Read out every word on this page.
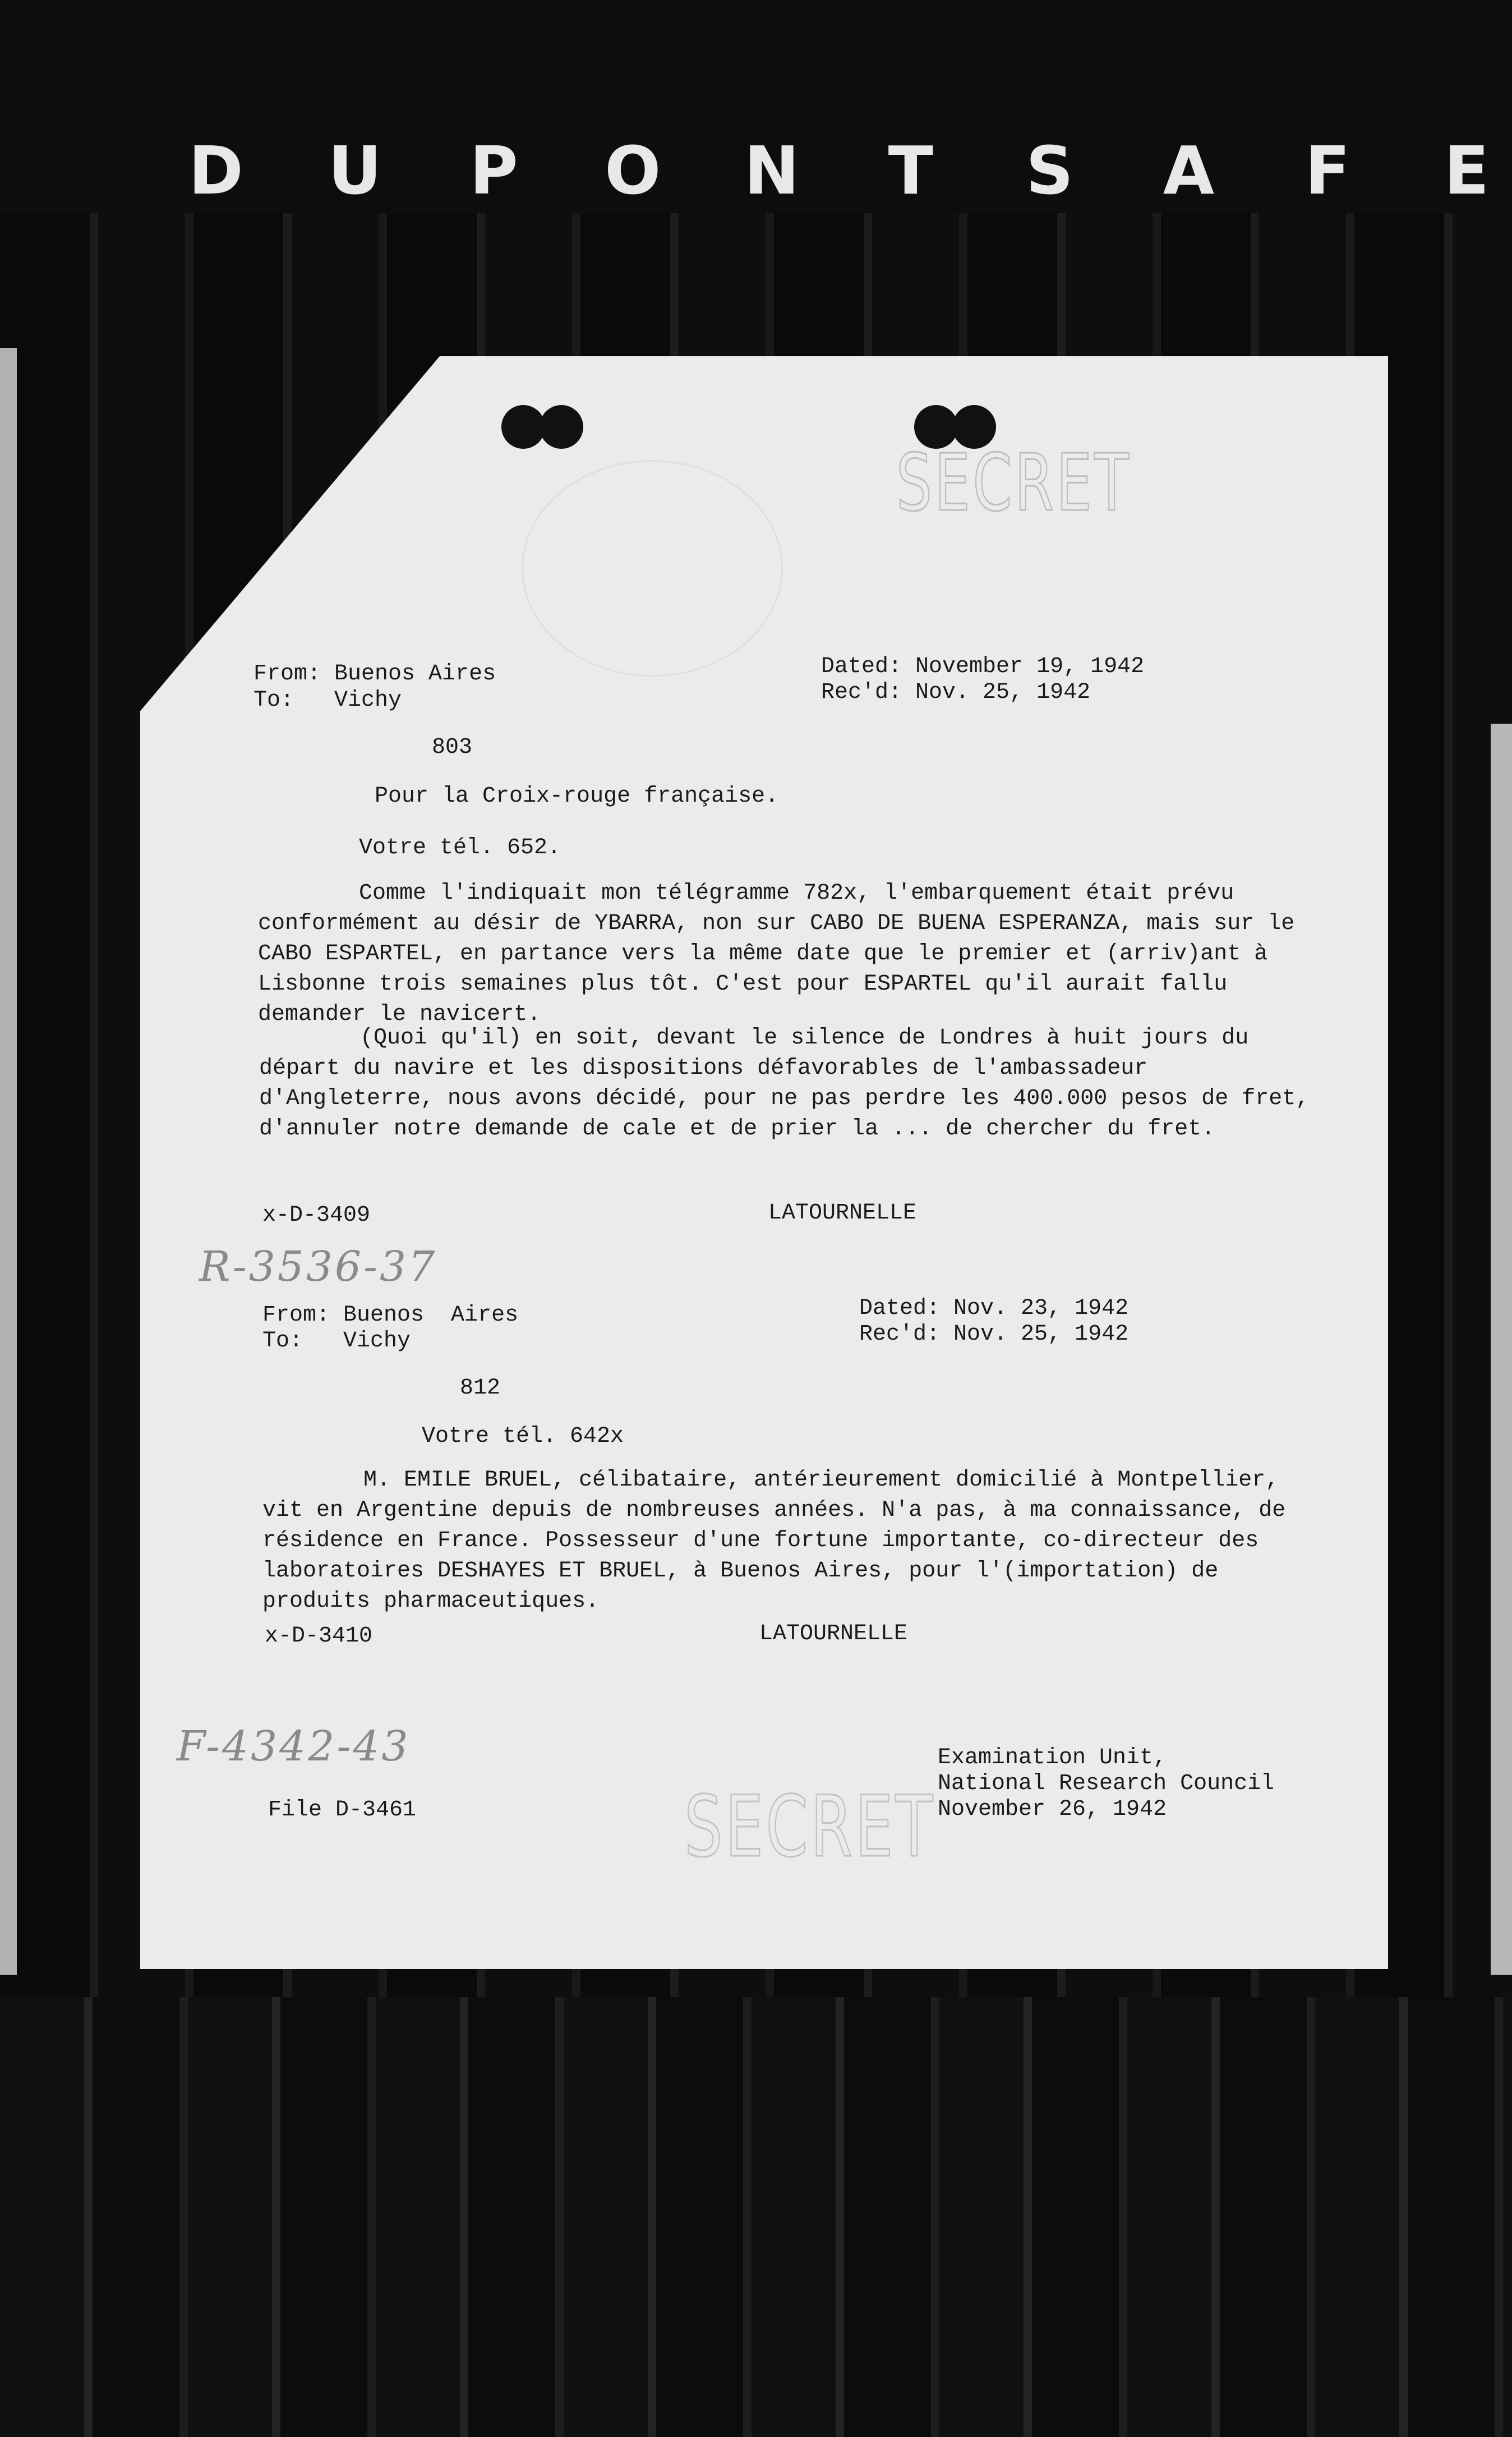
D U P O N T S A F E
SECRET
From: Buenos Aires
To:   Vichy
Dated: November 19, 1942
Rec'd: Nov. 25, 1942
803
Pour la Croix-rouge française.
Votre tél. 652.
Comme l'indiquait mon télégramme 782x, l'embarquement était prévu conformément au désir de YBARRA, non sur CABO DE BUENA ESPERANZA, mais sur le CABO ESPARTEL, en partance vers la même date que le premier et (arriv)ant à Lisbonne trois semaines plus tôt. C'est pour ESPARTEL qu'il aurait fallu demander le navicert.
(Quoi qu'il) en soit, devant le silence de Londres à huit jours du départ du navire et les dispositions défavorables de l'ambassadeur d'Angleterre, nous avons décidé, pour ne pas perdre les 400.000 pesos de fret, d'annuler notre demande de cale et de prier la ... de chercher du fret.
x-D-3409	LATOURNELLE
R-3536-37
From: Buenos  Aires
To:   Vichy
Dated: Nov. 23, 1942
Rec'd: Nov. 25, 1942
812
Votre tél. 642x
M. EMILE BRUEL, célibataire, antérieurement domicilié à Montpellier, vit en Argentine depuis de nombreuses années. N'a pas, à ma connaissance, de résidence en France. Possesseur d'une fortune importante, co-directeur des laboratoires DESHAYES ET BRUEL, à Buenos Aires, pour l'(importation) de produits pharmaceutiques.
x-D-3410	LATOURNELLE
F-4342-43
File D-3461
Examination Unit,
National Research Council
November 26, 1942
SECRET
